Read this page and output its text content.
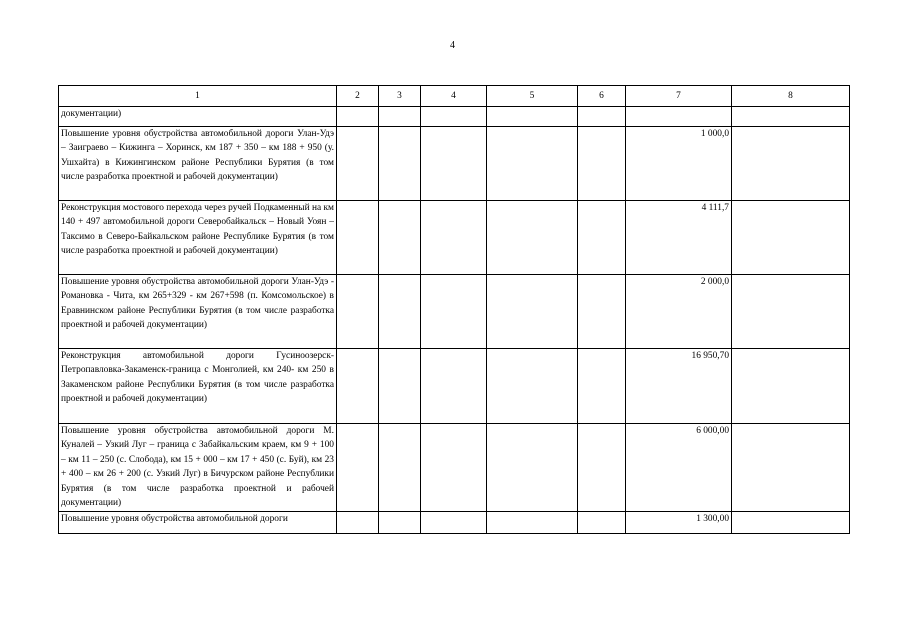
4
1	2	3	4	5	6	7	8
документации)							
Повышение уровня обустройства автомобильной дороги Улан-Удэ – Заиграево – Кижинга – Хоринск, км 187 + 350 – км 188 + 950 (у. Ушхайта) в Кижингинском районе Республики Бурятия (в том числе разработка проектной и рабочей документации)						1 000,0	
Реконструкция мостового перехода через ручей Подкаменный на км 140 + 497 автомобильной дороги Северобайкальск – Новый Уоян – Таксимо в Северо-Байкальском районе Республике Бурятия (в том числе разработка проектной и рабочей документации)						4 111,7	
Повышение уровня обустройства автомобильной дороги Улан-Удэ - Романовка - Чита, км 265+329 - км 267+598 (п. Комсомольское) в Еравнинском районе Республики Бурятия (в том числе разработка проектной и рабочей документации)						2 000,0	
Реконструкция автомобильной дороги Гусиноозерск-Петропавловка-Закаменск-граница с Монголией, км 240- км 250 в Закаменском районе Республики Бурятия (в том числе разработка проектной и рабочей документации)						16 950,70	
Повышение уровня обустройства автомобильной дороги М. Куналей – Узкий Луг – граница с Забайкальским краем, км 9 + 100 – км 11 – 250 (с. Слобода), км 15 + 000 – км 17 + 450 (с. Буй), км 23 + 400 – км 26 + 200 (с. Узкий Луг) в Бичурском районе Республики Бурятия (в том числе разработка проектной и рабочей документации)						6 000,00	
Повышение уровня обустройства автомобильной дороги						1 300,00	
